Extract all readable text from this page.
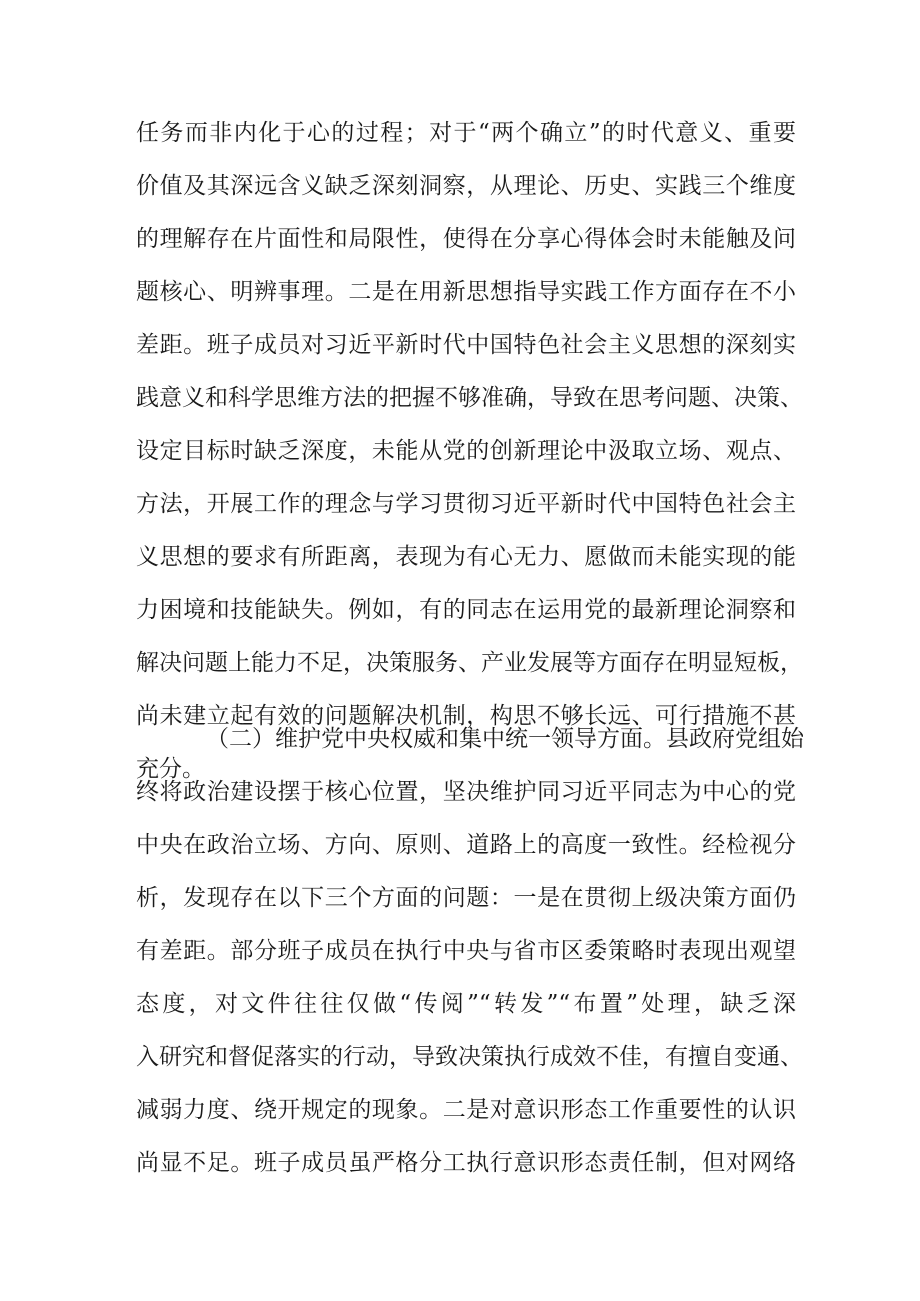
任务而非内化于心的过程；对于“两个确立”的时代意义、重要
价值及其深远含义缺乏深刻洞察，从理论、历史、实践三个维度
的理解存在片面性和局限性，使得在分享心得体会时未能触及问
题核心、明辨事理。二是在用新思想指导实践工作方面存在不小
差距。班子成员对习近平新时代中国特色社会主义思想的深刻实
践意义和科学思维方法的把握不够准确，导致在思考问题、决策、
设定目标时缺乏深度，未能从党的创新理论中汲取立场、观点、
方法，开展工作的理念与学习贯彻习近平新时代中国特色社会主
义思想的要求有所距离，表现为有心无力、愿做而未能实现的能
力困境和技能缺失。例如，有的同志在运用党的最新理论洞察和
解决问题上能力不足，决策服务、产业发展等方面存在明显短板，
尚未建立起有效的问题解决机制，构思不够长远、可行措施不甚
充分。
（二）维护党中央权威和集中统一领导方面。县政府党组始
终将政治建设摆于核心位置，坚决维护同习近平同志为中心的党
中央在政治立场、方向、原则、道路上的高度一致性。经检视分
析，发现存在以下三个方面的问题：一是在贯彻上级决策方面仍
有差距。部分班子成员在执行中央与省市区委策略时表现出观望
态度，对文件往往仅做“传阅”“转发”“布置”处理，缺乏深
入研究和督促落实的行动，导致决策执行成效不佳，有擅自变通、
减弱力度、绕开规定的现象。二是对意识形态工作重要性的认识
尚显不足。班子成员虽严格分工执行意识形态责任制，但对网络
